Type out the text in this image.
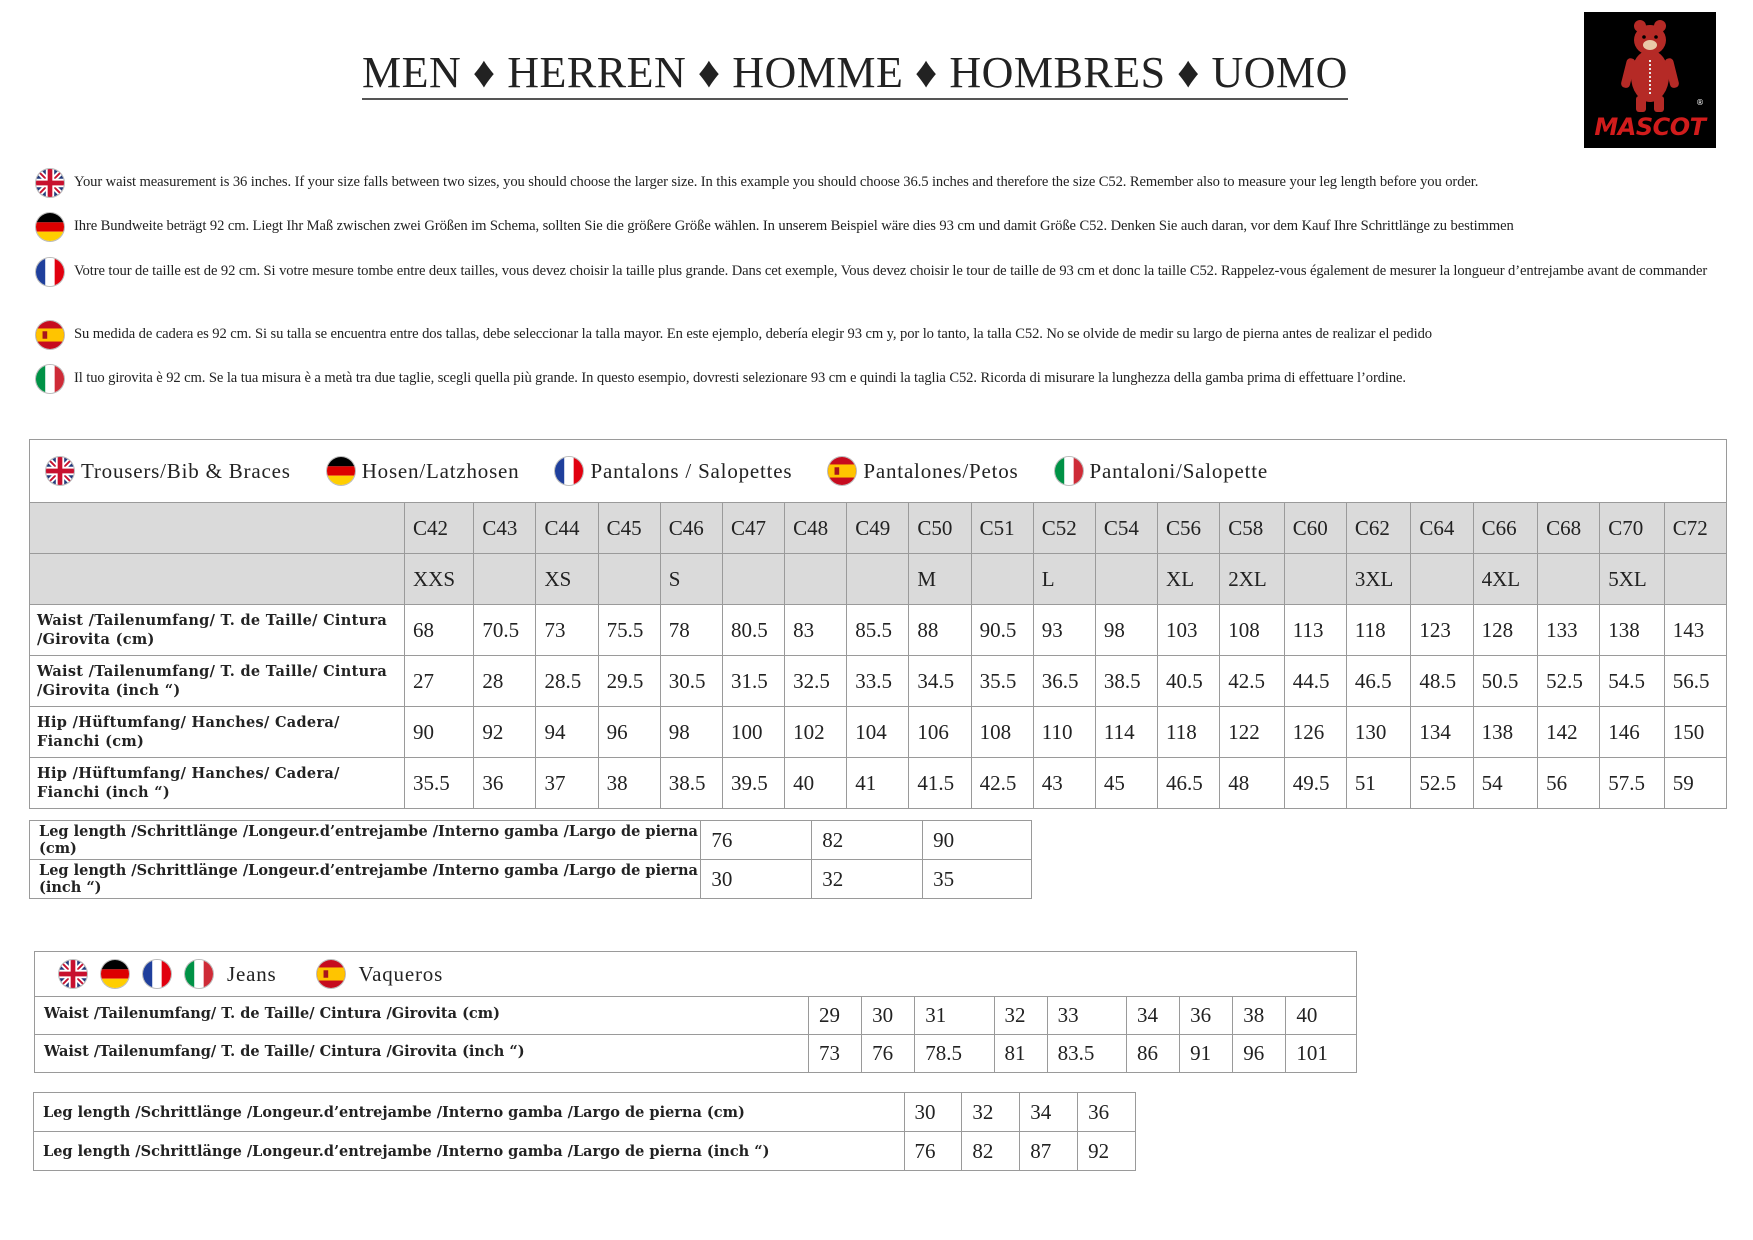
MEN ♦ HERREN ♦ HOMME ♦ HOMBRES ♦ UOMO
MASCOT
®
Your waist measurement is 36 inches. If your size falls between two sizes, you should choose the larger size. In this example you should choose 36.5 inches and therefore the size C52. Remember also to measure your leg length before you order.
Ihre Bundweite beträgt 92 cm. Liegt Ihr Maß zwischen zwei Größen im Schema, sollten Sie die größere Größe wählen. In unserem Beispiel wäre dies 93 cm und damit Größe C52. Denken Sie auch daran, vor dem Kauf Ihre Schrittlänge zu bestimmen
Votre tour de taille est de 92 cm. Si votre mesure tombe entre deux tailles, vous devez choisir la taille plus grande. Dans cet exemple, Vous devez choisir le tour de taille de 93 cm et donc la taille C52. Rappelez-vous également de mesurer la longueur d’entrejambe avant de commander
Su medida de cadera es 92 cm. Si su talla se encuentra entre dos tallas, debe seleccionar la talla mayor. En este ejemplo, debería elegir 93 cm y, por lo tanto, la talla C52. No se olvide de medir su largo de pierna antes de realizar el pedido
Il tuo girovita è 92 cm. Se la tua misura è a metà tra due taglie, scegli quella più grande. In questo esempio, dovresti selezionare 93 cm e quindi la taglia C52. Ricorda di misurare la lunghezza della gamba prima di effettuare l’ordine.
Trousers/Bib & Braces Hosen/Latzhosen Pantalons / Salopettes Pantalones/Petos Pantaloni/Salopette																					

	C42	C43	C44	C45	C46	C47	C48	C49	C50	C51	C52	C54	C56	C58	C60	C62	C64	C66	C68	C70	C72
	XXS		XS		S				M		L		XL	2XL		3XL		4XL		5XL	
Waist /Tailenumfang/ T. de Taille/ Cintura /Girovita (cm)	68	70.5	73	75.5	78	80.5	83	85.5	88	90.5	93	98	103	108	113	118	123	128	133	138	143
Waist /Tailenumfang/ T. de Taille/ Cintura /Girovita (inch “)	27	28	28.5	29.5	30.5	31.5	32.5	33.5	34.5	35.5	36.5	38.5	40.5	42.5	44.5	46.5	48.5	50.5	52.5	54.5	56.5
Hip /Hüftumfang/ Hanches/ Cadera/ Fianchi (cm)	90	92	94	96	98	100	102	104	106	108	110	114	118	122	126	130	134	138	142	146	150
Hip /Hüftumfang/ Hanches/ Cadera/ Fianchi (inch “)	35.5	36	37	38	38.5	39.5	40	41	41.5	42.5	43	45	46.5	48	49.5	51	52.5	54	56	57.5	59
Leg length /Schrittlänge /Longeur.d’entrejambe /Interno gamba /Largo de pierna (cm)	76	82	90
Leg length /Schrittlänge /Longeur.d’entrejambe /Interno gamba /Largo de pierna (inch “)	30	32	35
Jeans Vaqueros									

Waist /Tailenumfang/ T. de Taille/ Cintura /Girovita (cm)	29	30	31	32	33	34	36	38	40
Waist /Tailenumfang/ T. de Taille/ Cintura /Girovita (inch “)	73	76	78.5	81	83.5	86	91	96	101
Leg length /Schrittlänge /Longeur.d’entrejambe /Interno gamba /Largo de pierna (cm)	30	32	34	36
Leg length /Schrittlänge /Longeur.d’entrejambe /Interno gamba /Largo de pierna (inch “)	76	82	87	92
